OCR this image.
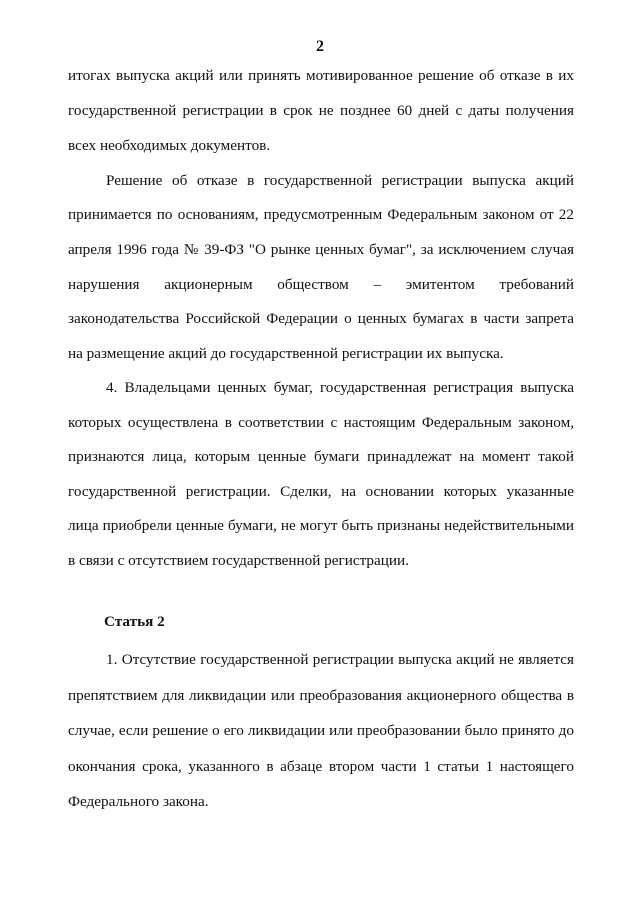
2
итогах выпуска акций или принять мотивированное решение об отказе в их
государственной регистрации в срок не позднее 60 дней с даты получения
всех необходимых документов.
Решение об отказе в государственной регистрации выпуска акций
принимается по основаниям, предусмотренным Федеральным законом от 22
апреля 1996 года № 39-ФЗ "О рынке ценных бумаг", за исключением случая
нарушения акционерным обществом – эмитентом требований
законодательства Российской Федерации о ценных бумагах в части запрета
на размещение акций до государственной регистрации их выпуска.
4. Владельцами ценных бумаг, государственная регистрация выпуска
которых осуществлена в соответствии с настоящим Федеральным законом,
признаются лица, которым ценные бумаги принадлежат на момент такой
государственной регистрации. Сделки, на основании которых указанные
лица приобрели ценные бумаги, не могут быть признаны недействительными
в связи с отсутствием государственной регистрации.
Статья 2
1. Отсутствие государственной регистрации выпуска акций не является
препятствием для ликвидации или преобразования акционерного общества в
случае, если решение о его ликвидации или преобразовании было принято до
окончания срока, указанного в абзаце втором части 1 статьи 1 настоящего
Федерального закона.
